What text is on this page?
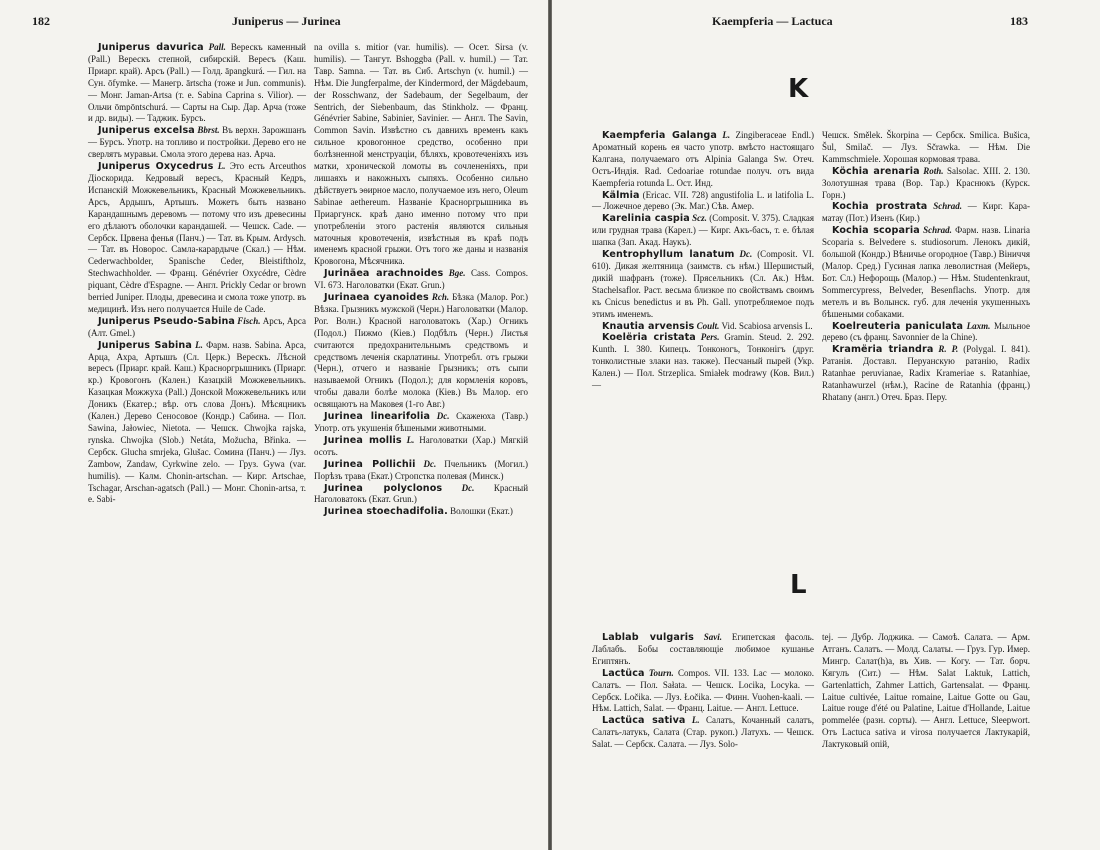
182	Juniperus — Jurinea

Juniperus davurica Pall. Верескъ каменный (Pall.) Верескъ степной, сибирскій. Вересъ (Каш. Приарг. край). Арсъ (Pall.) — Голд. āpangkurá. — Гил. на Сун. ōfymke. — Манегр. ārtscha (тоже и Jun. communis). — Монг. Jaman-Artsa (т. е. Sabina Caprina s. Vilior). — Ольчи ōmpōntschurá. — Сарты на Сыр. Дар. Арча (тоже и др. виды). — Таджик. Бурсъ.

Juniperus excelsa Bbrst. Въ верхн. Зарожшанъ — Бурсъ. Употр. на топливо и постройки. Дерево его не сверлятъ муравьи. Смола этого дерева наз. Арча.

Juniperus Oxycedrus L. Это есть Arceuthos Діоскорида. Кедровый вересъ, Красный Кедръ, Испанскій Можжевельникъ, Красный Можжевельникъ. Арсъ, Ардышъ, Артышъ. Можетъ быть названо Карандашнымъ деревомъ — потому что изъ древесины его дѣлаютъ оболочки карандашей. — Чешск. Cade. — Сербск. Црвена фенья (Панч.) — Тат. въ Крым. Ardysch. — Тат. въ Новорос. Самла-карардыче (Скал.) — Нѣм. Cederwachbolder, Spanische Ceder, Bleistiftholz, Stechwachholder. — Франц. Génévrier Oxycédre, Cèdre piquant, Cèdre d'Espagne. — Англ. Prickly Cedar or brown berried Juniper. Плоды, древесина и смола тоже употр. въ медицинѣ. Изъ него получается Huile de Cade.

Juniperus Pseudo-Sabina Fisch. Арсъ, Арса (Алт. Gmel.)

Juniperus Sabina L. Фарм. назв. Sabina. Арса, Арца, Ахра, Артышъ (Сл. Церк.) Верескъ. Лѣсной вересъ (Приарг. край. Каш.) Красноргрышникъ (Приарг. кр.) Кровогонъ (Кален.) Казацкій Можжевельникъ. Казацкая Можжуха (Pall.) Донской Можжевельникъ или Доникъ (Екатер.; вѣр. отъ слова Донъ). Мѣсяцникъ (Кален.) Дерево Сеносовое (Кондр.) Сабина. — Пол. Sawina, Jałowiec, Nietota. — Чешск. Chwojka rajska, rynska. Chwojka (Slob.) Netáta, Možucha, Břinka. — Сербск. Glucha smrjeka, Glušac. Сомина (Панч.) — Луз. Zambow, Zandaw, Cyrkwine zelo. — Груз. Gywa (var. humilis). — Калм. Chonin-artschan. — Кирг. Artschae, Tschagar, Arschan-agatsch (Pall.) — Монг. Chonin-artsa, т. е. Sabi-

na ovilla s. mitior (var. humilis). — Осет. Sirsa (v. humilis). — Тангут. Bshoggba (Pall. v. humil.) — Тат. Тавр. Samna. — Тат. въ Сиб. Artschyn (v. humil.) — Нѣм. Die Jungferpalme, der Kindermord, der Mägdebaum, der Rosschwanz, der Sadebaum, der Segelbaum, der Sentrich, der Siebenbaum, das Stinkholz. — Франц. Génévrier Sabine, Sabinier, Savinier. — Англ. The Savin, Common Savin. Извѣстно съ давнихъ временъ какъ сильное кровогонное средство, особенно при болѣзненной менструаціи, бѣляхъ, кровотеченіяхъ изъ матки, хронической ломоты въ сочлененіяхъ, при лишаяхъ и накожныхъ сыпяхъ. Особенно сильно дѣйствуетъ эѳирное масло, получаемое изъ него, Oleum Sabinae aethereum. Названіе Красноргрышника въ Приаргунск. краѣ дано именно потому что при употребленіи этого растенія являются сильныя маточныя кровотеченія, извѣстныя въ краѣ подъ именемъ красной грыжи. Отъ того же даны и названія Кровогона, Мѣсячника.

Jurinäea arachnoides Bge. Cass. Compos. VI. 673. Наголоватки (Екат. Grun.)

Jurinaea cyanoides Rch. Бѣзка (Малор. Рог.) Вѣзка. Грызникъ мужской (Черн.) Наголоватки (Малор. Рог. Волн.) Красной наголоватокъ (Хар.) Огникъ (Подол.) Пижмо (Кіев.) Подбѣлъ (Черн.) Листья считаются предохранительнымъ средствомъ и средствомъ леченія скарлатины. Употребл. отъ грыжи (Черн.), отчего и названіе Грызникъ; отъ сыпи называемой Огникъ (Подол.); для кормленія коровъ, чтобы давали болѣе молока (Кіев.) Въ Малор. его освящаютъ на Маковея (1-го Авг.)

Jurinea linearifolia Dc. Скажеюха (Тавр.) Употр. отъ укушенія бѣшеными животными.

Jurinea mollis L. Наголоватки (Хар.) Мягкій осотъ.

Jurinea Pollichii Dc. Пчельникъ (Могил.) Порѣзъ трава (Екат.) Стропстка полевая (Минск.)

Jurinea polyclonos Dc. Красный Наголоватокъ (Екат. Grun.)

Jurinea stoechadifolia. Волошки (Екат.)

Kaempferia — Lactuca	183
K

Kaempferia Galanga L. Zingiberaceae Endl.) Ароматный корень ея часто употр. вмѣсто настоящаго Калгана, получаемаго отъ Alpinia Galanga Sw. Отеч. Остъ-Индія. Rad. Cedoariae rotundae получ. отъ вида Kaempferia rotunda L. Ост. Инд.

Kälmia (Ericac. VII. 728) angustifolia L. и latifolia L. — Ложечное дерево (Эк. Маг.) Сѣв. Амер.

Karelinia caspia Scz. (Composit. V. 375). Сладкая или грудная трава (Карел.) — Кирг. Акъ-басъ, т. е. бѣлая шапка (Зап. Акад. Наукъ).

Kentrophyllum lanatum Dc. (Composit. VI. 610). Дикая желтяница (заимств. съ нѣм.) Шершистый, дикій шафранъ (тоже). Прясельникъ (Сл. Ак.) Нѣм. Stachelsaflor. Раст. весьма близкое по свойствамъ своимъ къ Cnicus benedictus и въ Ph. Gall. употребляемое подъ этимъ именемъ.

Knautia arvensis Coult. Vid. Scabiosa arvensis L.

Koelëria cristata Pers. Gramin. Steud. 2. 292. Kunth. I. 380. Кипецъ. Тонконогъ, Тонконігъ (друг. тонколистные злаки наз. также). Песчаный пырей (Укр. Кален.) — Пол. Strzeplica. Smiałek modrawy (Ков. Вил.) —

Чешск. Smělek. Škorpina — Сербск. Smilica. Bušica, Šul, Smilač. — Луз. Sčrawka. — Нѣм. Die Kammschmiele. Хорошая кормовая трава.

Köchia arenaria Roth. Salsolac. XIII. 2. 130. Золотушная трава (Вор. Тар.) Краснюкъ (Курск. Горн.)

Kochia prostrata Schrad. — Кирг. Кара-матау (Пот.) Изенъ (Кир.)

Kochia scoparia Schrad. Фарм. назв. Linaria Scoparia s. Belvedere s. studiosorum. Ленокъ дикій, большой (Кондр.) Вѣничье огородное (Тавр.) Віниччя (Малор. Сред.) Гусиная лапка леволистная (Мейеръ, Бот. Сл.) Нефорощь (Малор.) — Нѣм. Studentenkraut, Sommercypress, Belveder, Besenflachs. Употр. для метелъ и въ Волынск. губ. для леченія укушенныхъ бѣшеными собаками.

Koelreuteria paniculata Laxm. Мыльное дерево (съ франц. Savonnier de la Chine).

Kramëria triandra R. P. (Polygal. I. 841). Ратанія. Доставл. Перуанскую ратанію, Radix Ratanhae peruvianae, Radix Krameriae s. Ratanhiae, Ratanhawurzel (нѣм.), Racine de Ratanhia (франц.) Rhatany (англ.) Отеч. Браз. Перу.

L

Lablab vulgaris Savi. Египетская фасоль. Лаблабъ. Бобы составляющіе любимое кушанье Египтянъ.

Lactüca Tourn. Compos. VII. 133. Lac — молоко. Салатъ. — Пол. Sałata. — Чешск. Locika, Locyka. — Сербск. Ločika. — Луз. Łočika. — Финн. Vuohen-kaali. — Нѣм. Lattich, Salat. — Франц. Laitue. — Англ. Lettuce.

Lactüca sativa L. Салатъ, Кочанный салатъ, Салатъ-латукъ, Салата (Стар. рукоп.) Латухъ. — Чешск. Salat. — Сербск. Салата. — Луз. Solo-

tej. — Дубр. Лоджика. — Самоѣ. Салата. — Арм. Атганъ. Салатъ. — Молд. Салаты. — Груз. Гур. Имер. Мингр. Салат(h)a, въ Хив. — Когу. — Тат. борч. Кягулъ (Сит.) — Нѣм. Salat Laktuk, Lattich, Gartenlattich, Zahmer Lattich, Gartensalat. — Франц. Laitue cultivée, Laitue romaine, Laitue Gotte ou Gau, Laitue rouge d'été ou Palatine, Laitue d'Hollande, Laitue pommelée (разн. сорты). — Англ. Lettuce, Sleepwort. Отъ Lactuca sativa и virosa получается Лактукарій, Лактуковый опій,
